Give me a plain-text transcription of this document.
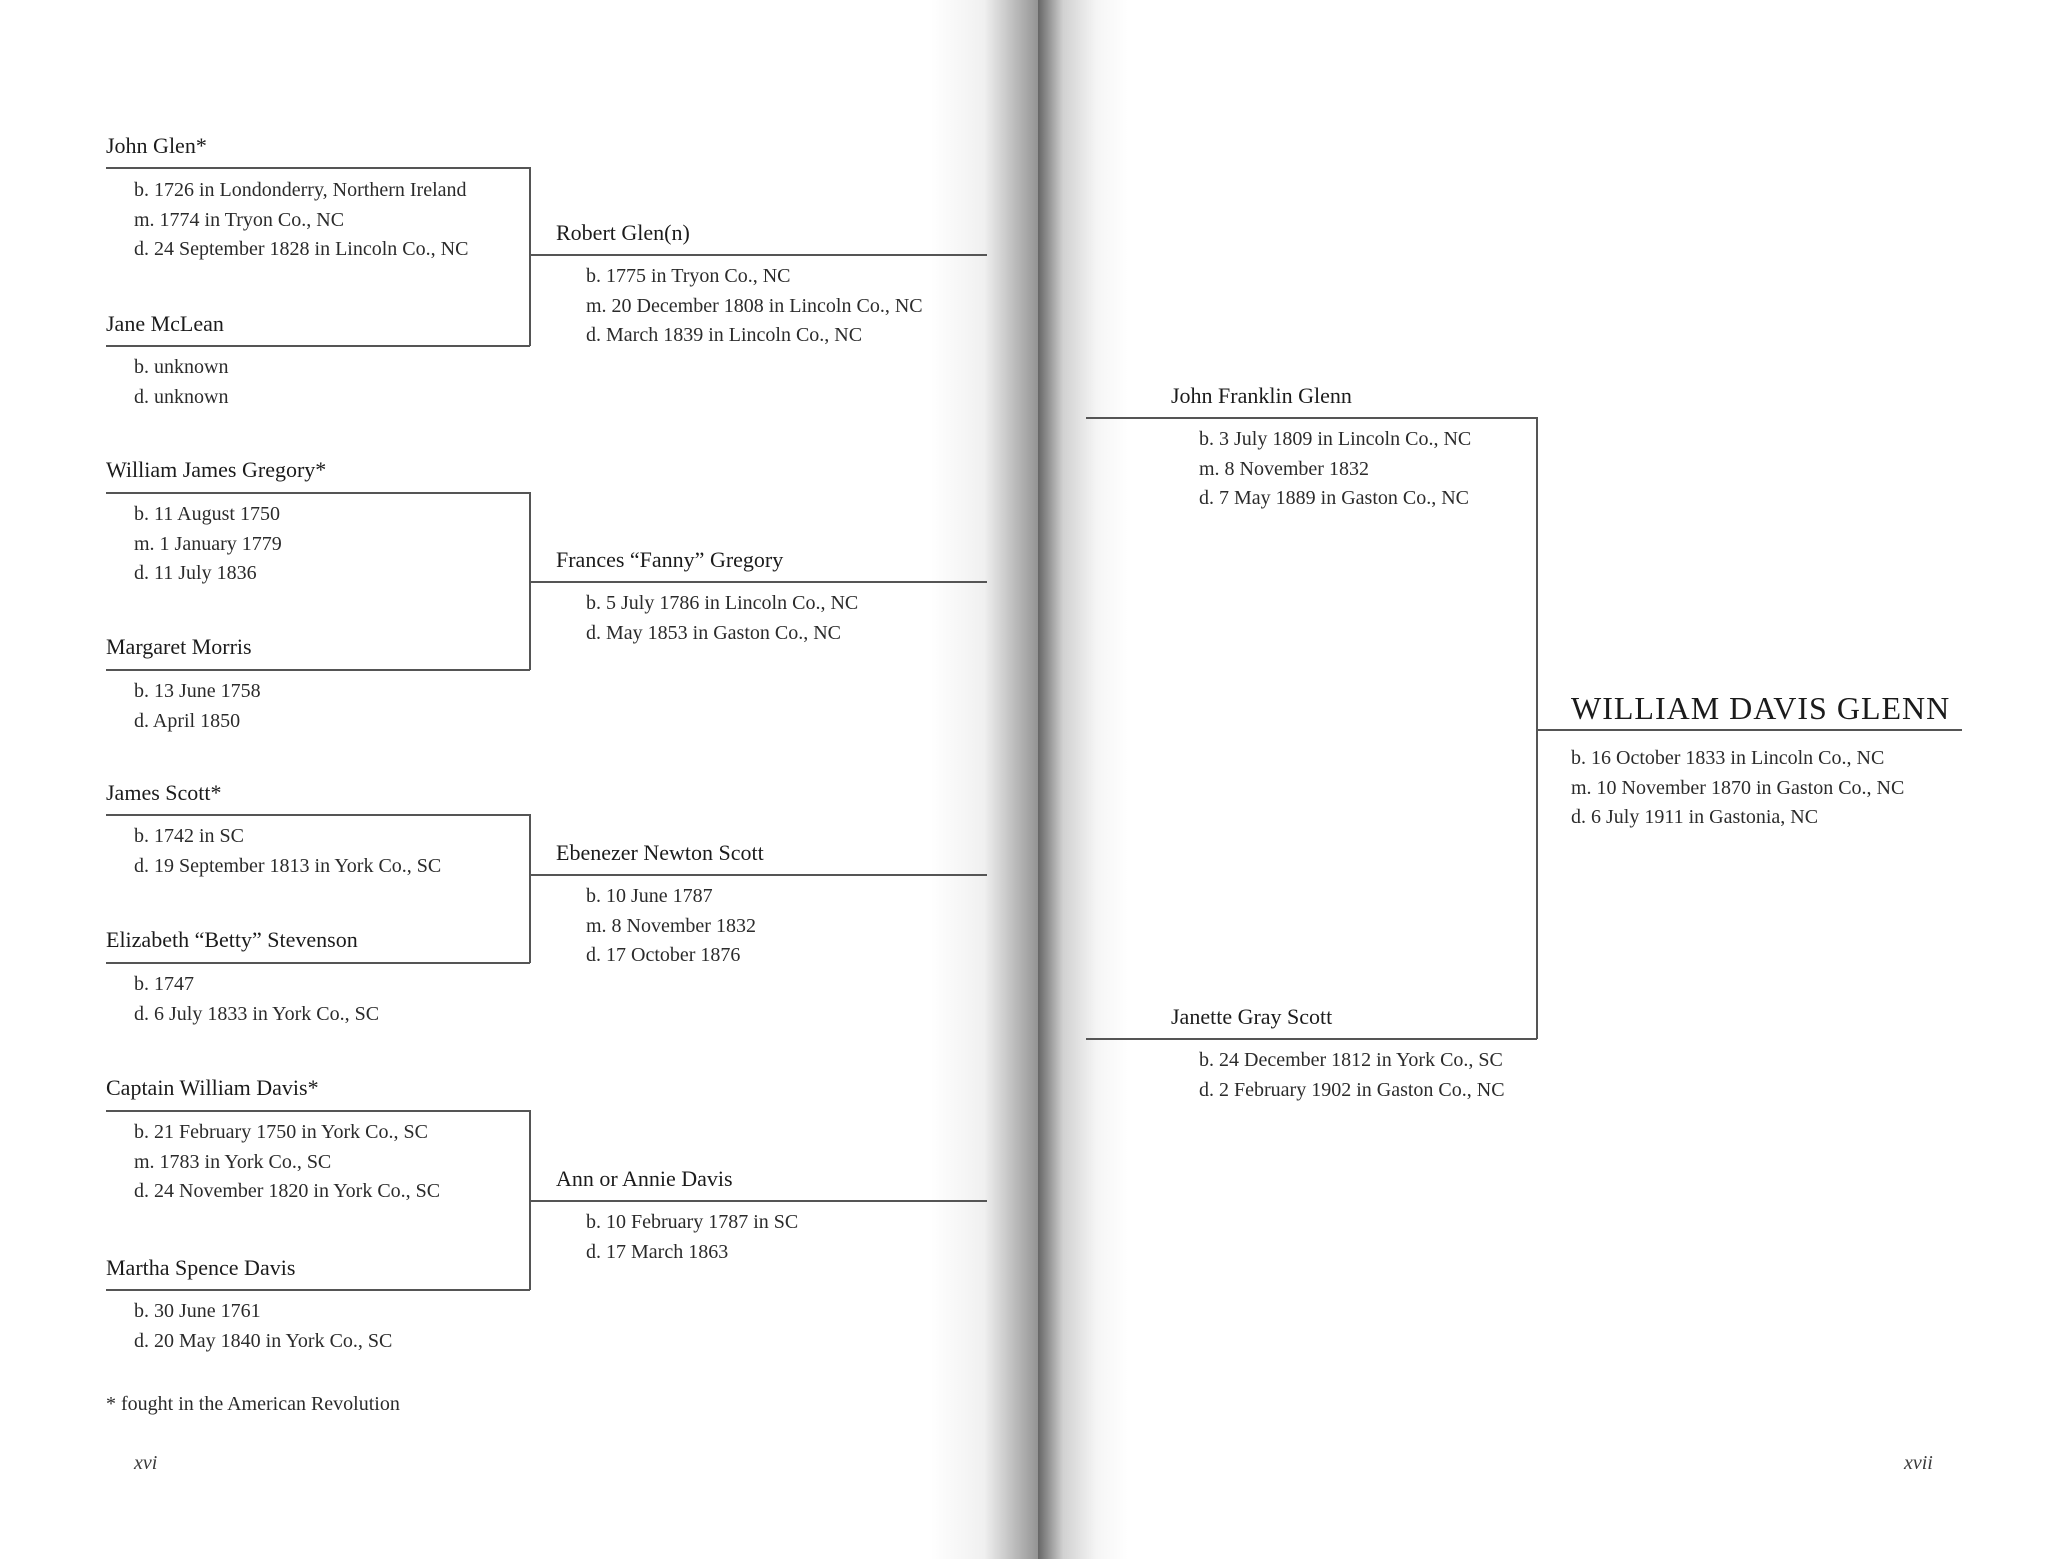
John Glen*
b. 1726 in Londonderry, Northern Ireland
m. 1774 in Tryon Co., NC
d. 24 September 1828 in Lincoln Co., NC
Jane McLean
b. unknown
d. unknown
William James Gregory*
b. 11 August 1750
m. 1 January 1779
d. 11 July 1836
Margaret Morris
b. 13 June 1758
d. April 1850
James Scott*
b. 1742 in SC
d. 19 September 1813 in York Co., SC
Elizabeth “Betty” Stevenson
b. 1747
d. 6 July 1833 in York Co., SC
Captain William Davis*
b. 21 February 1750 in York Co., SC
m. 1783 in York Co., SC
d. 24 November 1820 in York Co., SC
Martha Spence Davis
b. 30 June 1761
d. 20 May 1840 in York Co., SC
Robert Glen(n)
b. 1775 in Tryon Co., NC
m. 20 December 1808 in Lincoln Co., NC
d. March 1839 in Lincoln Co., NC
Frances “Fanny” Gregory
b. 5 July 1786 in Lincoln Co., NC
d. May 1853 in Gaston Co., NC
Ebenezer Newton Scott
b. 10 June 1787
m. 8 November 1832
d. 17 October 1876
Ann or Annie Davis
b. 10 February 1787 in SC
d. 17 March 1863
John Franklin Glenn
b. 3 July 1809 in Lincoln Co., NC
m. 8 November 1832
d. 7 May 1889 in Gaston Co., NC
Janette Gray Scott
b. 24 December 1812 in York Co., SC
d. 2 February 1902 in Gaston Co., NC
WILLIAM DAVIS GLENN
b. 16 October 1833 in Lincoln Co., NC
m. 10 November 1870 in Gaston Co., NC
d. 6 July 1911 in Gastonia, NC
* fought in the American Revolution
xvi	xvii
